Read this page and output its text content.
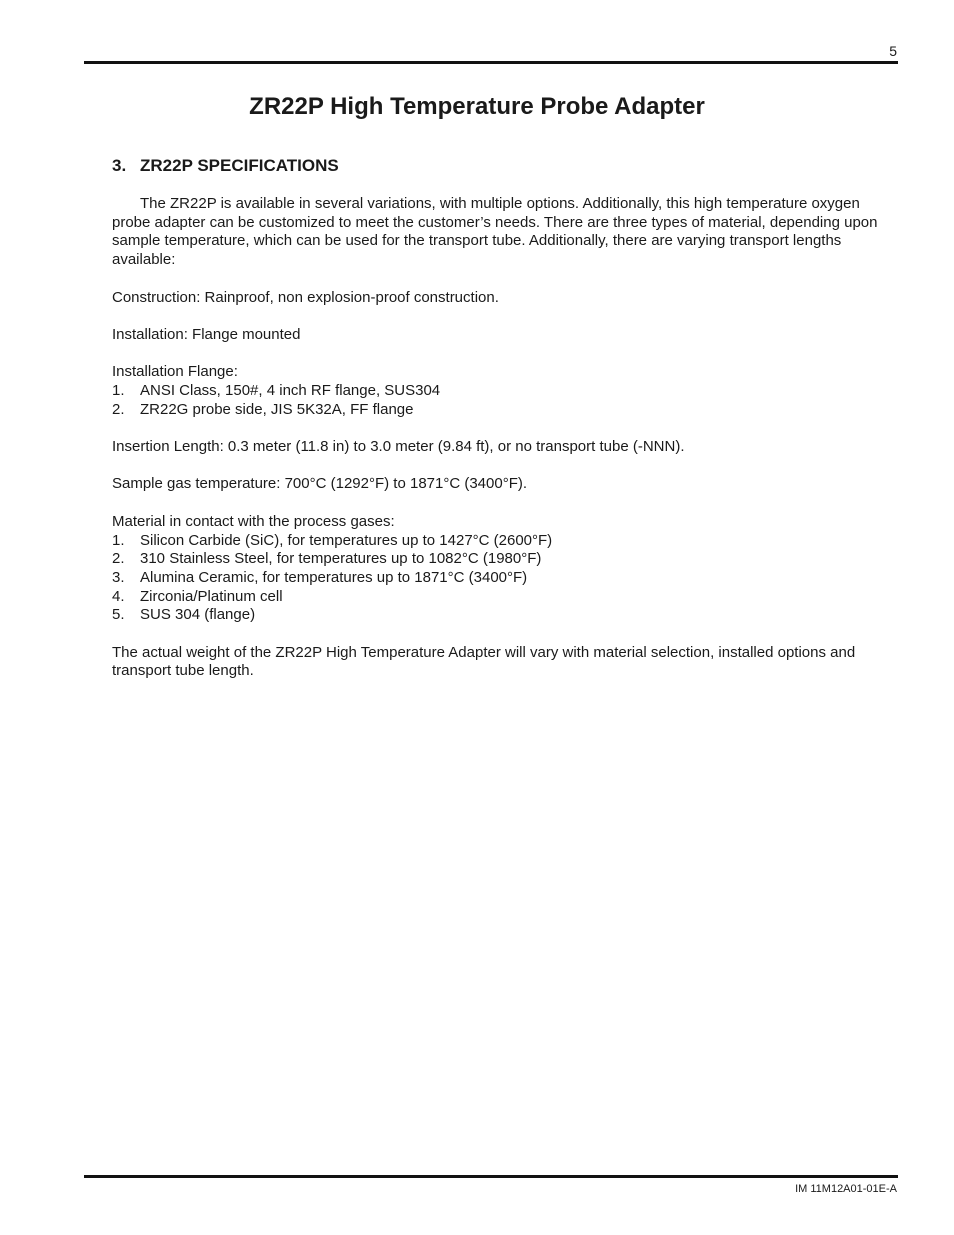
5
ZR22P High Temperature Probe Adapter
3. ZR22P SPECIFICATIONS

The ZR22P is available in several variations, with multiple options. Additionally, this high temperature oxygen probe adapter can be customized to meet the customer’s needs. There are three types of material, depending upon sample temperature, which can be used for the transport tube. Additionally, there are varying transport lengths available:

Construction: Rainproof, non explosion-proof construction.

Installation: Flange mounted

Installation Flange:
1.	ANSI Class, 150#, 4 inch RF flange, SUS304
2.	ZR22G probe side, JIS 5K32A, FF flange

Insertion Length: 0.3 meter (11.8 in) to 3.0 meter (9.84 ft), or no transport tube (-NNN).

Sample gas temperature: 700°C (1292°F) to 1871°C (3400°F).

Material in contact with the process gases:
1.	Silicon Carbide (SiC), for temperatures up to 1427°C (2600°F)
2.	310 Stainless Steel, for temperatures up to 1082°C (1980°F)
3.	Alumina Ceramic, for temperatures up to 1871°C (3400°F)
4.	Zirconia/Platinum cell
5.	SUS 304 (flange)

The actual weight of the ZR22P High Temperature Adapter will vary with material selection, installed options and transport tube length.

IM 11M12A01-01E-A
